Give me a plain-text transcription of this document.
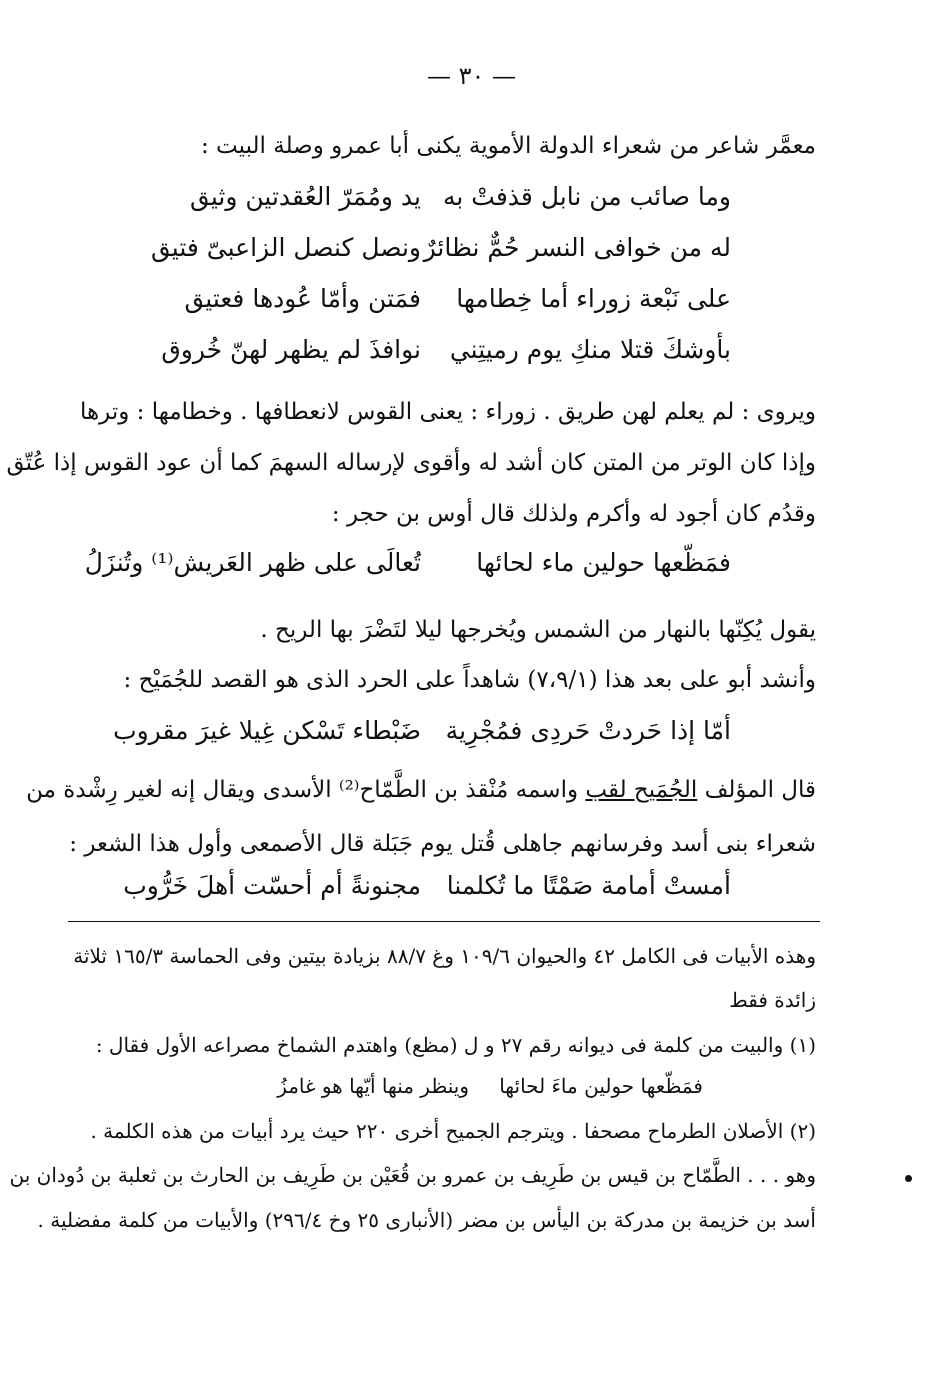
— ٣٠ —
معمَّر شاعر من شعراء الدولة الأموية يكنى أبا عمرو وصلة البيت :
وما صائب من نابل قذفتْ به
يد ومُمَرّ العُقدتين وثيق
له من خوافى النسر حُمٌّ نظائرٌ
ونصل كنصل الزاعبىّ فتيق
على نَبْعة زوراء أما خِطامها
فمَتن وأمّا عُودها فعتيق
بأوشكَ قتلا منكِ يوم رميتِني
نوافذَ لم يظهر لهنّ خُروق
ويروى : لم يعلم لهن طريق . زوراء : يعنى القوس لانعطافها . وخطامها : وترها
وإذا كان الوتر من المتن كان أشد له وأقوى لإرساله السهمَ كما أن عود القوس إذا عُتّق
وقدُم كان أجود له وأكرم ولذلك قال أوس بن حجر :
فمَظّعها حولين ماء لحائها
تُعالَى على ظهر العَريش⁽¹⁾ وتُنزَلُ
يقول يُكِنّها بالنهار من الشمس ويُخرجها ليلا لتَضْرَ بها الريح .
وأنشد أبو على بعد هذا (٧،٩/١) شاهداً على الحرد الذى هو القصد للجُمَيْح :
أمّا إذا حَردتْ حَردِى فمُجْرِية
ضَبْطاء تَسْكن غِيلا غيرَ مقروب
قال المؤلف الجُمَيح لقب واسمه مُنْقذ بن الطَّمّاح⁽²⁾ الأسدى ويقال إنه لغير رِشْدة من
شعراء بنى أسد وفرسانهم جاهلى قُتل يوم جَبَلة قال الأصمعى وأول هذا الشعر :
أمستْ أمامة صَمْتًا ما تُكلمنا
مجنونةً أم أحسّت أهلَ خَرُّوب
وهذه الأبيات فى الكامل ٤٢ والحيوان ١٠٩/٦ وغ ٨٨/٧ بزيادة بيتين وفى الحماسة ١٦٥/٣ ثلاثة
زائدة فقط
(١) والبيت من كلمة فى ديوانه رقم ٢٧ و ل (مظع) واهتدم الشماخ مصراعه الأول فقال :
فمَظّعها حولين ماءَ لحائها
وينظر منها أيّها هو غامزُ
(٢) الأصلان الطرماح مصحفا . ويترجم الجميح أخرى ٢٢٠ حيث يرد أبيات من هذه الكلمة .
وهو . . . الطَّمّاح بن قيس بن طَرِيف بن عمرو بن قُعَيْن بن طَرِيف بن الحارث بن ثعلبة بن دُودان بن
أسد بن خزيمة بن مدركة بن اليأس بن مضر (الأنبارى ٢٥ وخ ٢٩٦/٤) والأبيات من كلمة مفضلية .
